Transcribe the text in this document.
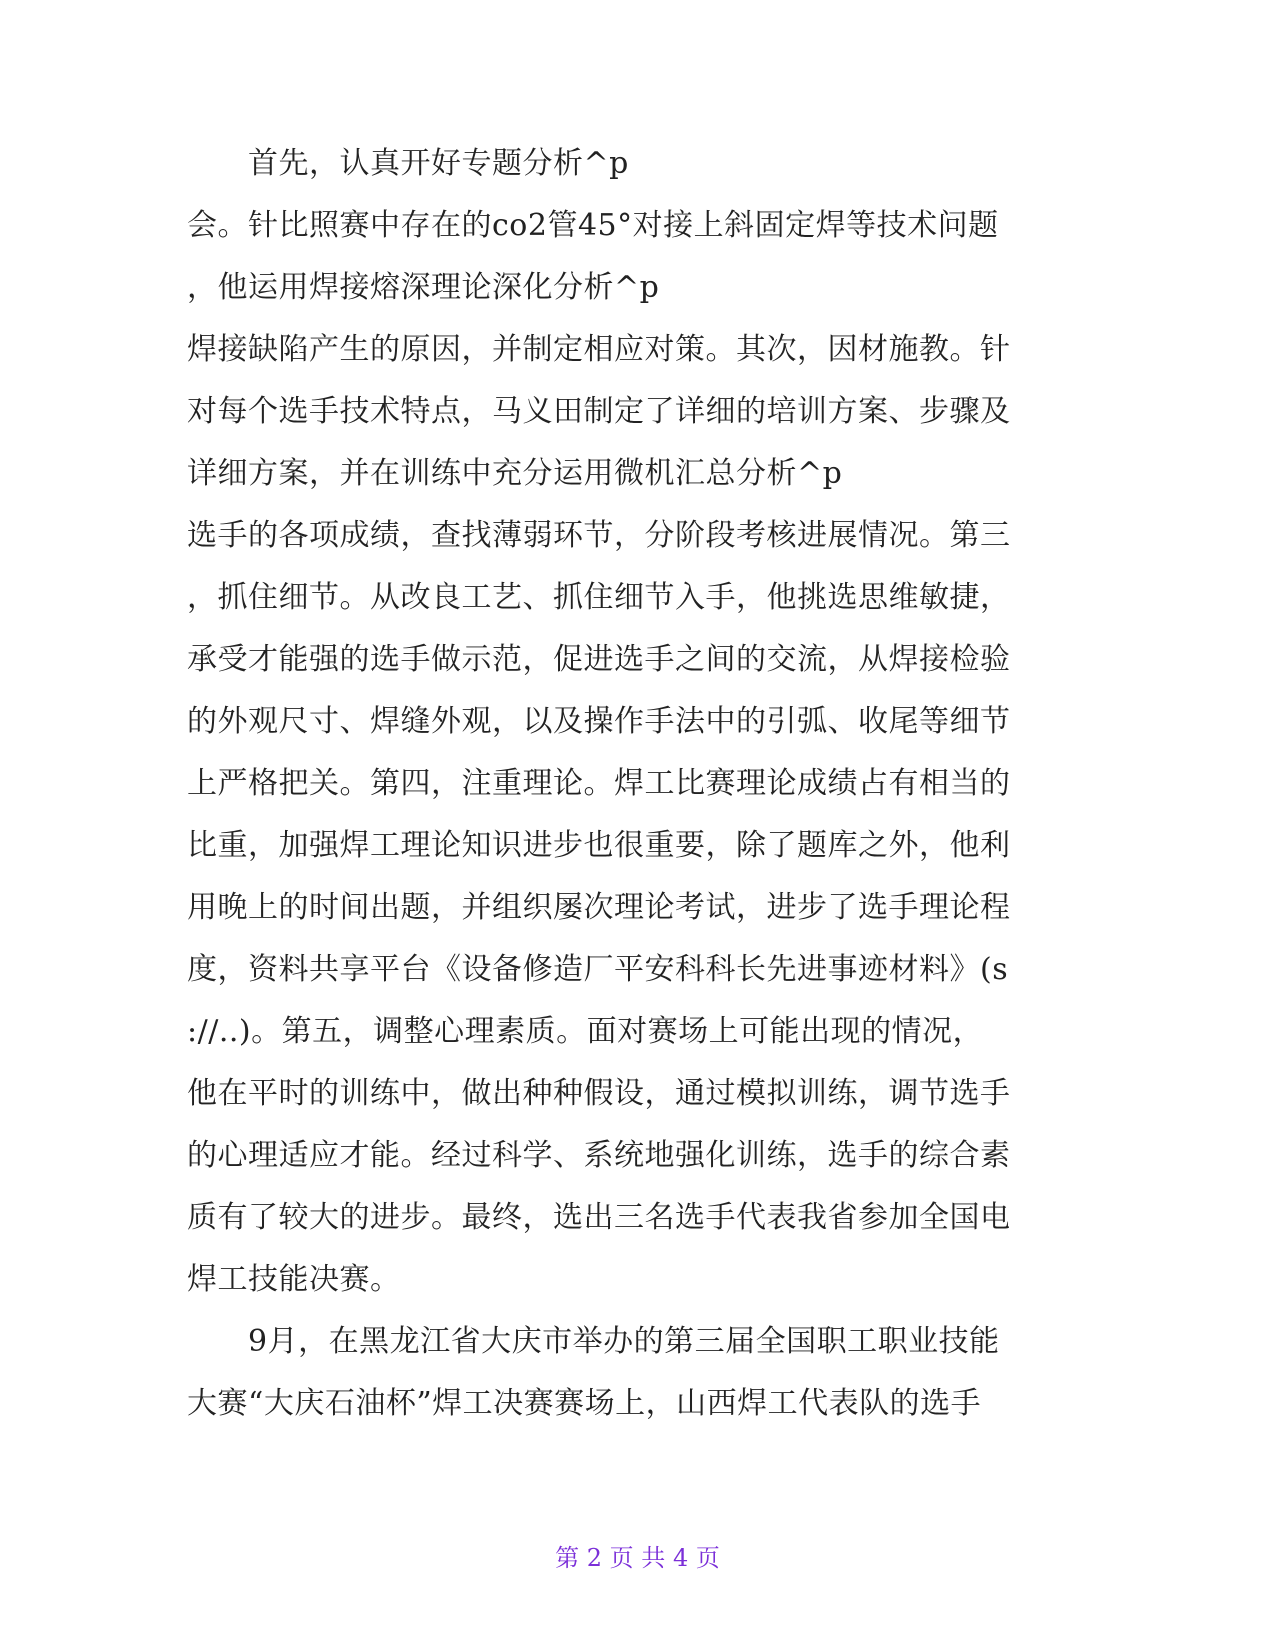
　　首先，认真开好专题分析^p
会。针比照赛中存在的co2管45°对接上斜固定焊等技术问题
，他运用焊接熔深理论深化分析^p
焊接缺陷产生的原因，并制定相应对策。其次，因材施教。针
对每个选手技术特点，马义田制定了详细的培训方案、步骤及
详细方案，并在训练中充分运用微机汇总分析^p
选手的各项成绩，查找薄弱环节，分阶段考核进展情况。第三
，抓住细节。从改良工艺、抓住细节入手，他挑选思维敏捷，
承受才能强的选手做示范，促进选手之间的交流，从焊接检验
的外观尺寸、焊缝外观，以及操作手法中的引弧、收尾等细节
上严格把关。第四，注重理论。焊工比赛理论成绩占有相当的
比重，加强焊工理论知识进步也很重要，除了题库之外，他利
用晚上的时间出题，并组织屡次理论考试，进步了选手理论程
度，资料共享平台《设备修造厂平安科科长先进事迹材料》(s
://..)。第五，调整心理素质。面对赛场上可能出现的情况，
他在平时的训练中，做出种种假设，通过模拟训练，调节选手
的心理适应才能。经过科学、系统地强化训练，选手的综合素
质有了较大的进步。最终，选出三名选手代表我省参加全国电
焊工技能决赛。
　　9月，在黑龙江省大庆市举办的第三届全国职工职业技能
大赛“大庆石油杯”焊工决赛赛场上，山西焊工代表队的选手
第 2 页 共 4 页
